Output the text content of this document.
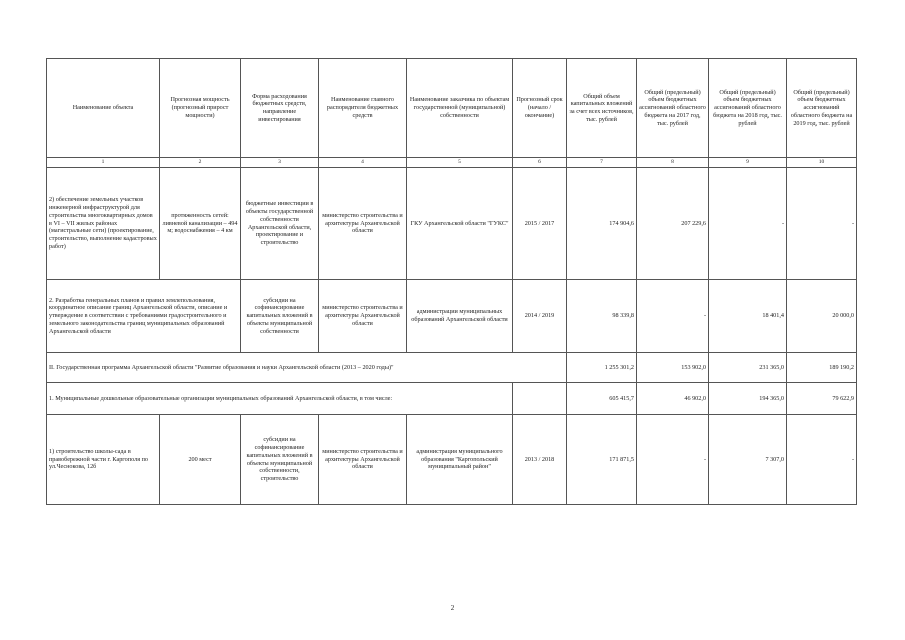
Наименование объекта	Прогнозная мощность (прогнозный прирост мощности)	Форма расходования бюджетных средств, направление инвестирования	Наименование главного распорядителя бюджетных средств	Наименование заказчика по объектам государственной (муниципальной) собственности	Прогнозный срок (начало / окончание)	Общий объем капитальных вложений за счет всех источников, тыс. рублей	Общий (предельный) объем бюджетных ассигнований областного бюджета на 2017 год, тыс. рублей	Общий (предельный) объем бюджетных ассигнований областного бюджета на 2018 год, тыс. рублей	Общий (предельный) объем бюджетных ассигнований областного бюджета на 2019 год, тыс. рублей
1	2	3	4	5	6	7	8	9	10
2) обеспечение земельных участков инженерной инфраструктурой для строительства многоквартирных домов в VI – VII жилых районах (магистральные сети) (проектирование, строительство, выполнение кадастровых работ)	протяженность сетей: ливневой канализации – 494 м; водоснабжения – 4 км	бюджетные инвестиции в объекты государственной собственности Архангельской области, проектирование и строительство	министерство строительства и архитектуры Архангельской области	ГКУ Архангельской области "ГУКС"	2015 / 2017	174 904,6	207 229,6	-	-
2. Разработка генеральных планов и правил землепользования, координатное описание границ Архангельской области, описание и утверждение в соответствии с требованиями градостроительного и земельного законодательства границ муниципальных образований Архангельской области		субсидии на софинансирование капитальных вложений в объекты муниципальной собственности	министерство строительства и архитектуры Архангельской области	администрации муниципальных образований Архангельской области	2014 / 2019	98 339,8	-	18 401,4	20 000,0
II. Государственная программа Архангельской области "Развитие образования и науки Архангельской области (2013 – 2020 годы)"						1 255 301,2	153 902,0	231 365,0	189 190,2
1. Муниципальные дошкольные образовательные организации муниципальных образований Архангельской области, в том числе:						605 415,7	46 902,0	194 365,0	79 622,9
1) строительство школы-сада в правобережной части г. Каргополя по ул.Чеснокова, 12б	200 мест	субсидии на софинансирование капитальных вложений в объекты муниципальной собственности, строительство	министерство строительства и архитектуры Архангельской области	администрация муниципального образования "Каргопольский муниципальный район"	2013 / 2018	171 871,5	-	7 307,0	-
2
